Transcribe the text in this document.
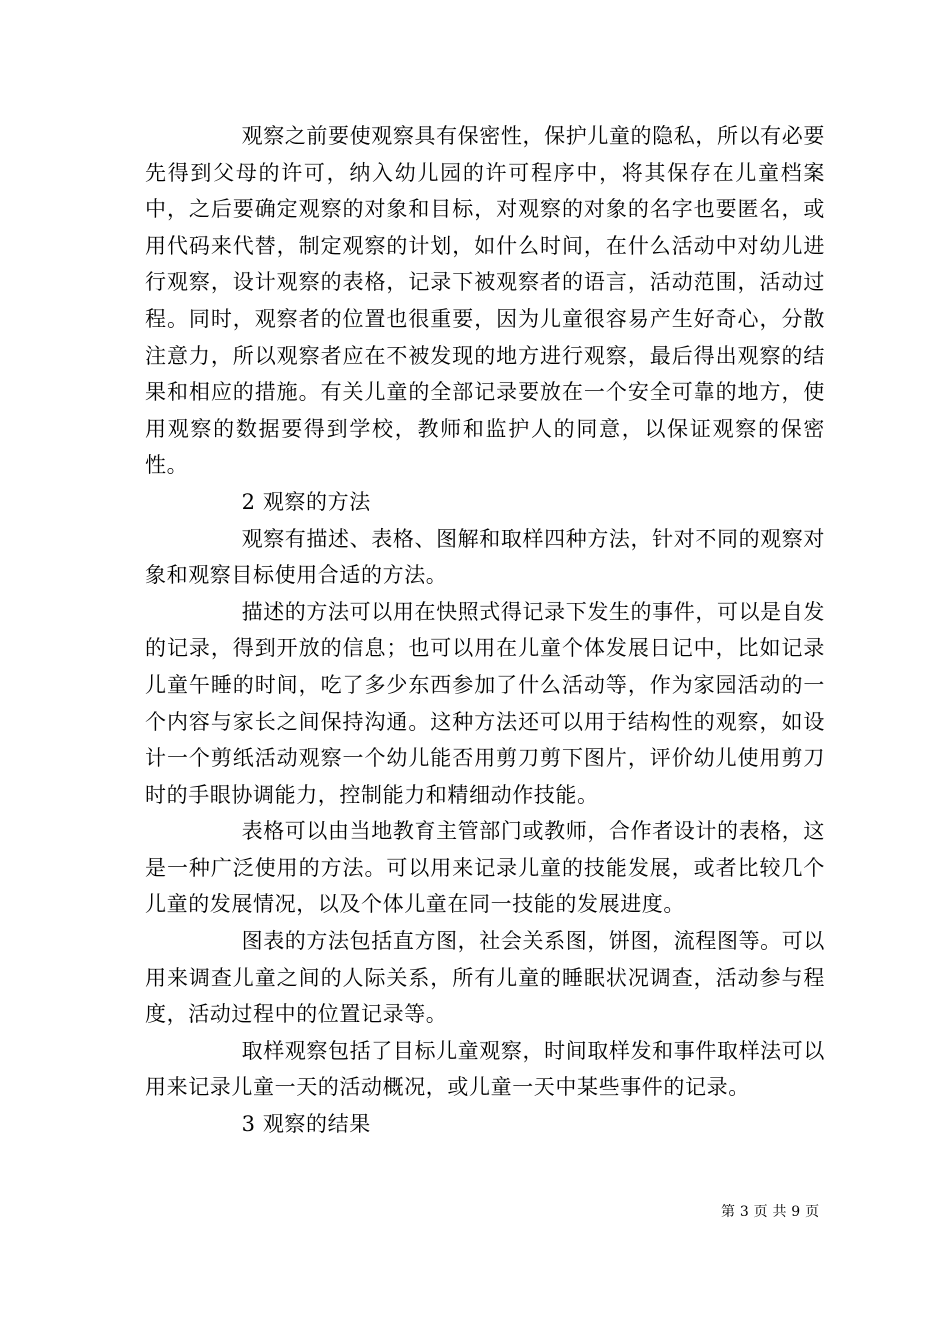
观察之前要使观察具有保密性，保护儿童的隐私，所以有必要先得到父母的许可，纳入幼儿园的许可程序中，将其保存在儿童档案中，之后要确定观察的对象和目标，对观察的对象的名字也要匿名，或用代码来代替，制定观察的计划，如什么时间，在什么活动中对幼儿进行观察，设计观察的表格，记录下被观察者的语言，活动范围，活动过程。同时，观察者的位置也很重要，因为儿童很容易产生好奇心，分散注意力，所以观察者应在不被发现的地方进行观察，最后得出观察的结果和相应的措施。有关儿童的全部记录要放在一个安全可靠的地方，使用观察的数据要得到学校，教师和监护人的同意，以保证观察的保密性。

2 观察的方法

观察有描述、表格、图解和取样四种方法，针对不同的观察对象和观察目标使用合适的方法。

描述的方法可以用在快照式得记录下发生的事件，可以是自发的记录，得到开放的信息；也可以用在儿童个体发展日记中，比如记录儿童午睡的时间，吃了多少东西参加了什么活动等，作为家园活动的一个内容与家长之间保持沟通。这种方法还可以用于结构性的观察，如设计一个剪纸活动观察一个幼儿能否用剪刀剪下图片，评价幼儿使用剪刀时的手眼协调能力，控制能力和精细动作技能。

表格可以由当地教育主管部门或教师，合作者设计的表格，这是一种广泛使用的方法。可以用来记录儿童的技能发展，或者比较几个儿童的发展情况，以及个体儿童在同一技能的发展进度。

图表的方法包括直方图，社会关系图，饼图，流程图等。可以用来调查儿童之间的人际关系，所有儿童的睡眠状况调查，活动参与程度，活动过程中的位置记录等。

取样观察包括了目标儿童观察，时间取样发和事件取样法可以用来记录儿童一天的活动概况，或儿童一天中某些事件的记录。

3 观察的结果

第 3 页 共 9 页
